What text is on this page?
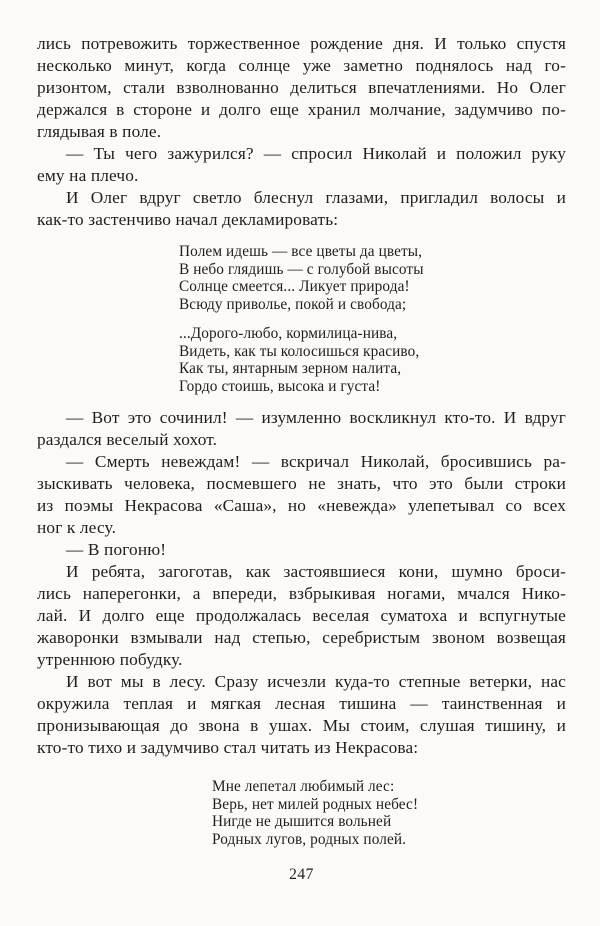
лись потревожить торжественное рождение дня. И только спустя
несколько минут, когда солнце уже заметно поднялось над го-
ризонтом, стали взволнованно делиться впечатлениями. Но Олег
держался в стороне и долго еще хранил молчание, задумчиво по-
глядывая в поле.
— Ты чего зажурился? — спросил Николай и положил руку
ему на плечо.
И Олег вдруг светло блеснул глазами, пригладил волосы и
как-то застенчиво начал декламировать:
Полем идешь — все цветы да цветы,
В небо глядишь — с голубой высоты
Солнце смеется... Ликует природа!
Всюду приволье, покой и свобода;
...Дорого-любо, кормилица-нива,
Видеть, как ты колосишься красиво,
Как ты, янтарным зерном налита,
Гордо стоишь, высока и густа!
— Вот это сочинил! — изумленно воскликнул кто-то. И вдруг
раздался веселый хохот.
— Смерть невеждам! — вскричал Николай, бросившись ра-
зыскивать человека, посмевшего не знать, что это были строки
из поэмы Некрасова «Саша», но «невежда» улепетывал со всех
ног к лесу.
— В погоню!
И ребята, загоготав, как застоявшиеся кони, шумно броси-
лись наперегонки, а впереди, взбрыкивая ногами, мчался Нико-
лай. И долго еще продолжалась веселая суматоха и вспугнутые
жаворонки взмывали над степью, серебристым звоном возвещая
утреннюю побудку.
И вот мы в лесу. Сразу исчезли куда-то степные ветерки, нас
окружила теплая и мягкая лесная тишина — таинственная и
пронизывающая до звона в ушах. Мы стоим, слушая тишину, и
кто-то тихо и задумчиво стал читать из Некрасова:
Мне лепетал любимый лес:
Верь, нет милей родных небес!
Нигде не дышится вольней
Родных лугов, родных полей.
247
